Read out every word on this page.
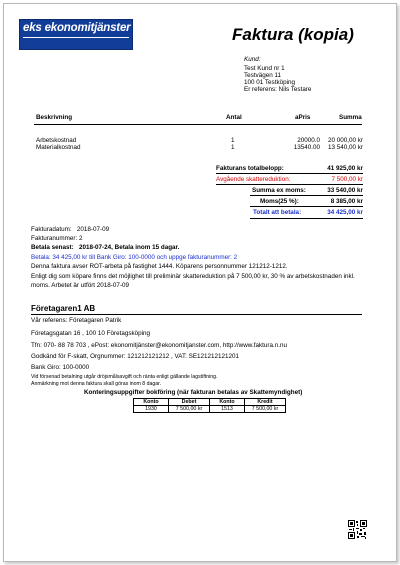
eks ekonomitjänster	Faktura (kopia)
Kund:
Test Kund nr 1
Testvägen 11
100 01 Testköping
Er referens: Nils Testare
Beskrivning	Antal	aPris	Summa
Arbetskostnad	1	20000.0	20 000,00 kr
Materialkostnad	1	13540.00	13 540,00 kr
Fakturans totalbelopp:	41 925,00 kr
Avgående skattereduktion:	7 500,00 kr
Summa ex moms:	33 540,00 kr
Moms(25 %):	8 385,00 kr
Totalt att betala:	34 425,00 kr
Fakturadatum: 2018-07-09
Fakturanummer: 2
Betala senast: 2018-07-24, Betala inom 15 dagar.
Betala: 34 425,00 kr till Bank Giro: 100-0000 och uppge fakturanummer: 2
Denna faktura avser ROT-arbeta på fastighet 1444. Köparens personnummer 121212-1212.
Enligt dig som köpare finns det möjlighet till preliminär skattereduktion på 7 500,00 kr, 30 % av arbetskostnaden inkl.
moms. Arbetet är utfört 2018-07-09
Företagaren1 AB
Vår referens: Företagaren Patrik
Företagsgatan 16 , 100 10 Företagsköping
Tfn: 070- 88 78 703 , ePost: ekonomitjänster@ekonomitjanster.com, http://www.faktura.n.nu
Godkänd för F-skatt, Orgnummer: 121212121212 , VAT: SE121212121201
Bank Giro: 100-0000
Vid försenad betalning utgår dröjsmålsavgift och ränta enligt gällande lagstiftning.
Anmärkning mot denna faktura skall göras inom 8 dagar.
Konteringsuppgifter bokföring (när fakturan betalas av Skattemyndighet)
Konto	Debet	Konto	Kredit
1930	7 500,00 kr	1513	7 500,00 kr
